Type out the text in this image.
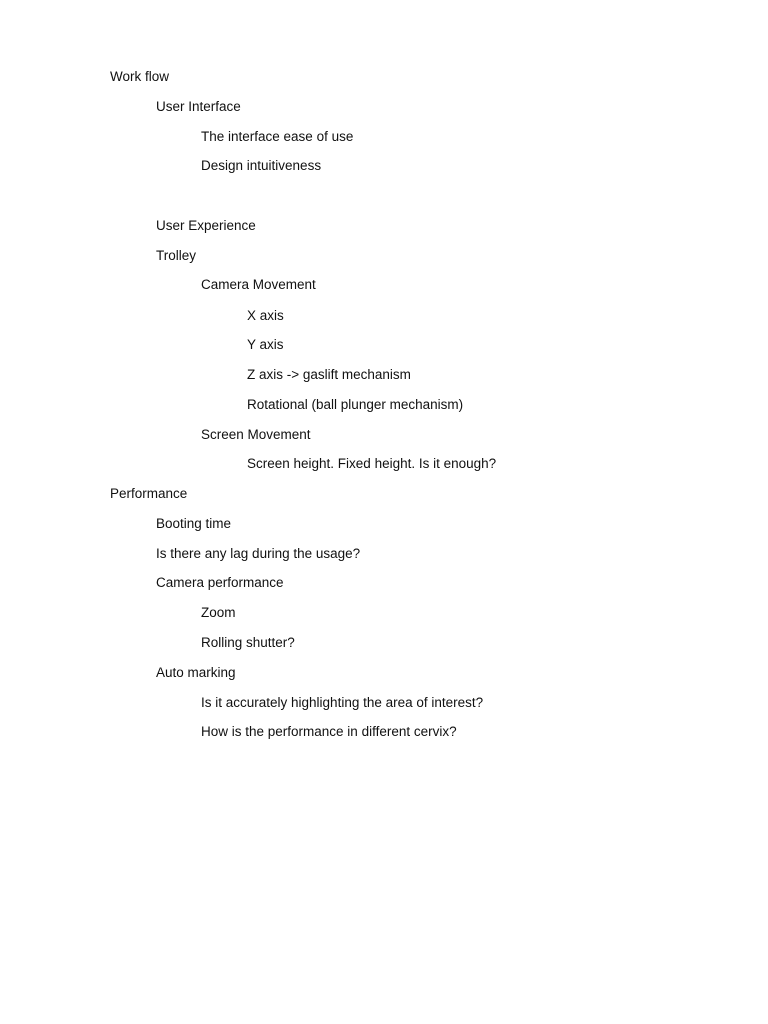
Work flow
User Interface
The interface ease of use
Design intuitiveness
User Experience
Trolley
Camera Movement
X axis
Y axis
Z axis -> gaslift mechanism
Rotational (ball plunger mechanism)
Screen Movement
Screen height. Fixed height. Is it enough?
Performance
Booting time
Is there any lag during the usage?
Camera performance
Zoom
Rolling shutter?
Auto marking
Is it accurately highlighting the area of interest?
How is the performance in different cervix?
